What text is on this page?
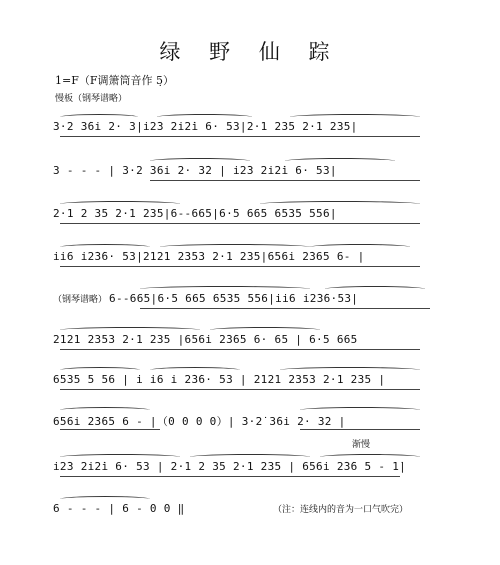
绿 野 仙 踪
1=F（F调箫筒音作 5̣）
慢板（钢琴谱略）
3·2 3̇6i 2· 3|i2̇3 2i2̇i 6· 53|2·1 235 2·1 235|
3 - - - | 3·2 36i 2· 3̇2 | i2̇3 2i2̇i 6· 53|
2·1 2 35 2·1 235|6--665|6·5 665 6535 556|
ii6 i2̇3̇6· 53|2121 2353 2·1 235|656i 2̇365 6- |
（钢琴谱略） 6--665|6·5 665 6535 556|ii6 i2̇3̇6·53|
2121 2353 2·1 235 |656i 2̇3̇65 6· 65 | 6·5 665
6535 5 56 | i i6 i 2̇3̇6· 53 | 2121 2353 2·1 235 |
656i 2̇3̇65 6 - |（0 0 0 0）| 3·2̇ 3̇6i 2· 3̇2 |
渐慢
i2̇3 2i2̇i 6· 53 | 2·1 2 35 2·1 235 | 656i 2̇3̇6 5 - 1̇|
6 - - - | 6 - 0 0 ‖	（注：连线内的音为一口气吹完）
